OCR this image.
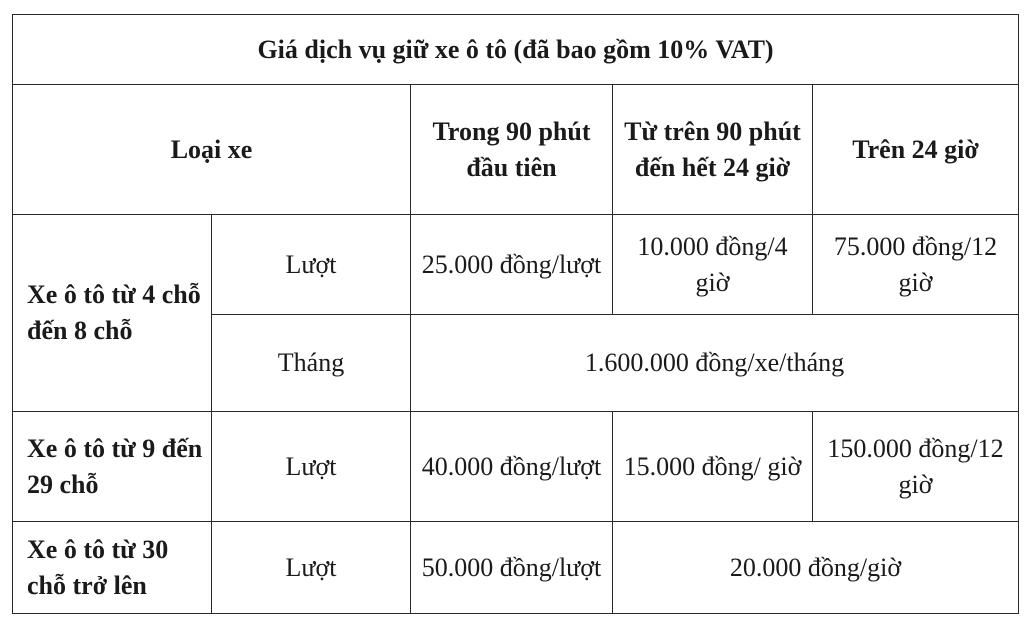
Giá dịch vụ giữ xe ô tô (đã bao gồm 10% VAT)				
Loại xe		Trong 90 phút đầu tiên	Từ trên 90 phút đến hết 24 giờ	Trên 24 giờ
Xe ô tô từ 4 chỗ đến 8 chỗ	Lượt	25.000 đồng/lượt	10.000 đồng/4 giờ	75.000 đồng/12 giờ
	Tháng	1.600.000 đồng/xe/tháng		
Xe ô tô từ 9 đến 29 chỗ	Lượt	40.000 đồng/lượt	15.000 đồng/ giờ	150.000 đồng/12 giờ
Xe ô tô từ 30 chỗ trở lên	Lượt	50.000 đồng/lượt	20.000 đồng/giờ	
